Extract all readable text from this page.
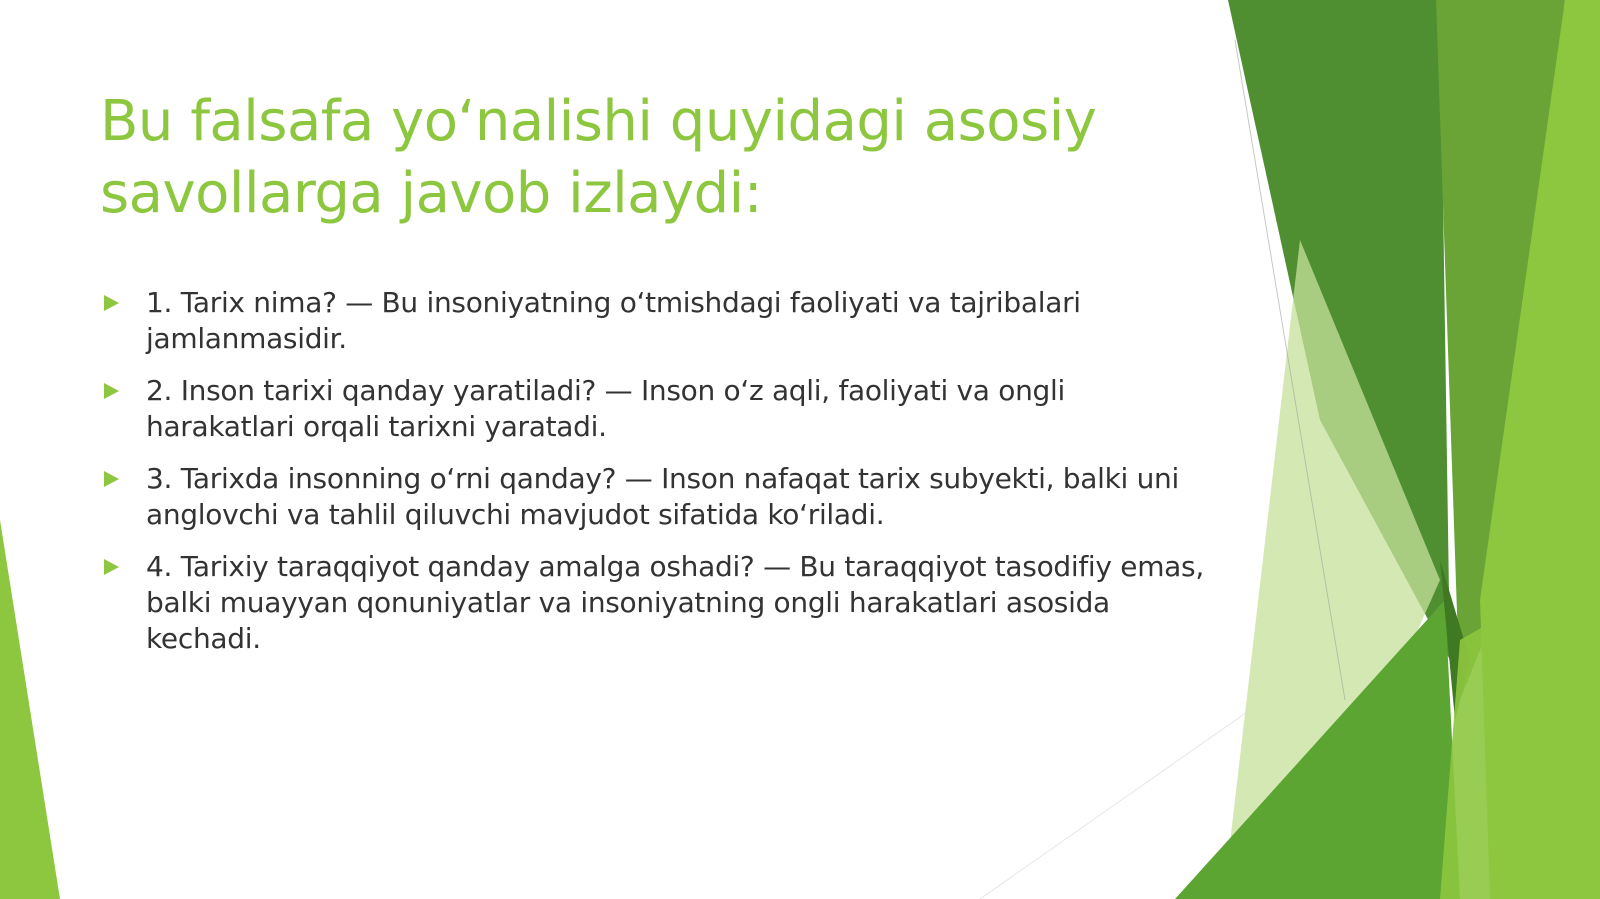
Bu falsafa yo‘nalishi quyidagi asosiy savollarga javob izlaydi:
1. Tarix nima? — Bu insoniyatning o‘tmishdagi faoliyati va tajribalari jamlanmasidir.
2. Inson tarixi qanday yaratiladi? — Inson o‘z aqli, faoliyati va ongli harakatlari orqali tarixni yaratadi.
3. Tarixda insonning o‘rni qanday? — Inson nafaqat tarix subyekti, balki uni anglovchi va tahlil qiluvchi mavjudot sifatida ko‘riladi.
4. Tarixiy taraqqiyot qanday amalga oshadi? — Bu taraqqiyot tasodifiy emas, balki muayyan qonuniyatlar va insoniyatning ongli harakatlari asosida kechadi.
